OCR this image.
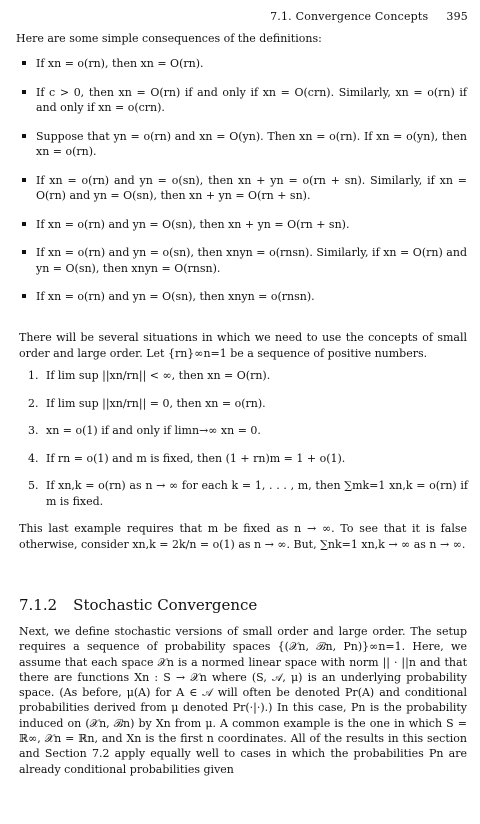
7.1. Convergence Concepts 395

Here are some simple consequences of the definitions:

If xn = o(rn), then xn = O(rn).
If c > 0, then xn = O(rn) if and only if xn = O(crn). Similarly, xn = o(rn) if and only if xn = o(crn).
Suppose that yn = o(rn) and xn = O(yn). Then xn = o(rn). If xn = o(yn), then xn = o(rn).
If xn = o(rn) and yn = o(sn), then xn + yn = o(rn + sn). Similarly, if xn = O(rn) and yn = O(sn), then xn + yn = O(rn + sn).
If xn = o(rn) and yn = O(sn), then xn + yn = O(rn + sn).
If xn = o(rn) and yn = o(sn), then xnyn = o(rnsn). Similarly, if xn = O(rn) and yn = O(sn), then xnyn = O(rnsn).
If xn = o(rn) and yn = O(sn), then xnyn = o(rnsn).

There will be several situations in which we need to use the concepts of small order and large order. Let {rn}∞n=1 be a sequence of positive numbers.

1. If lim sup ||xn/rn|| < ∞, then xn = O(rn).
2. If lim sup ||xn/rn|| = 0, then xn = o(rn).
3. xn = o(1) if and only if limn→∞ xn = 0.
4. If rn = o(1) and m is fixed, then (1 + rn)m = 1 + o(1).
5. If xn,k = o(rn) as n → ∞ for each k = 1, . . . , m, then ∑mk=1 xn,k = o(rn) if m is fixed.

This last example requires that m be fixed as n → ∞. To see that it is false otherwise, consider xn,k = 2k/n = o(1) as n → ∞. But, ∑nk=1 xn,k → ∞ as n → ∞.

7.1.2 Stochastic Convergence

Next, we define stochastic versions of small order and large order. The setup requires a sequence of probability spaces {(𝒳n, ℬn, Pn)}∞n=1. Here, we assume that each space 𝒳n is a normed linear space with norm || · ||n and that there are functions Xn : S → 𝒳n where (S, 𝒜, μ) is an underlying probability space. (As before, μ(A) for A ∈ 𝒜 will often be denoted Pr(A) and conditional probabilities derived from μ denoted Pr(·|·).) In this case, Pn is the probability induced on (𝒳n, ℬn) by Xn from μ. A common example is the one in which S = ℝ∞, 𝒳n = ℝn, and Xn is the first n coordinates. All of the results in this section and Section 7.2 apply equally well to cases in which the probabilities Pn are already conditional probabilities given
